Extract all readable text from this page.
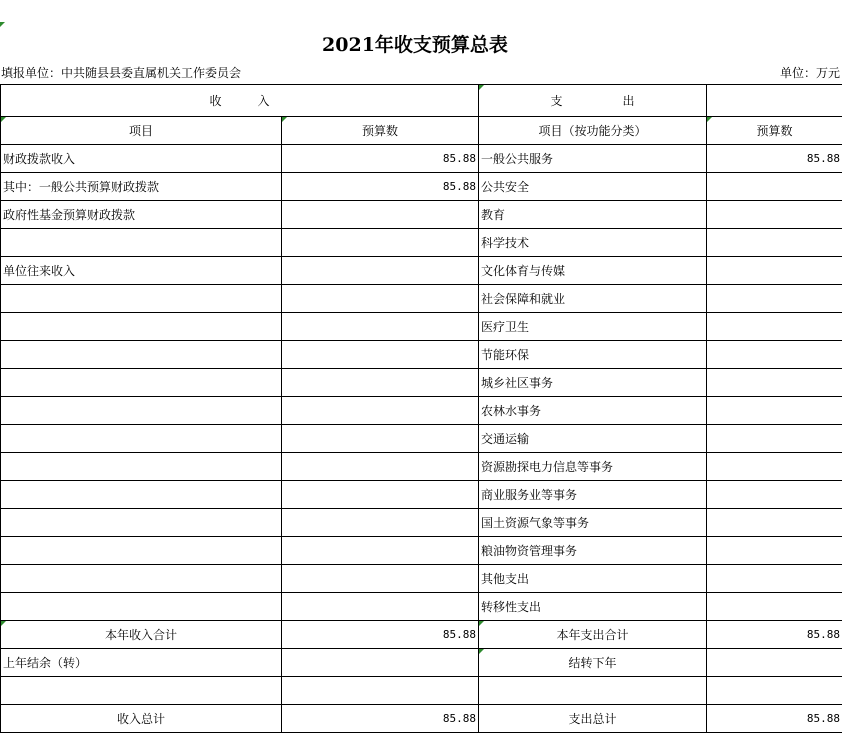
2021年收支预算总表
填报单位：中共随县县委直属机关工作委员会	单位：万元
收　　　入		支　　　　　出	

项目	预算数	项目（按功能分类）	预算数
财政拨款收入	85.88	一般公共服务	85.88
其中：一般公共预算财政拨款	85.88	公共安全	
政府性基金预算财政拨款		教育	
		科学技术	
单位往来收入		文化体育与传媒	
		社会保障和就业	
		医疗卫生	
		节能环保	
		城乡社区事务	
		农林水事务	
		交通运输	
		资源勘探电力信息等事务	
		商业服务业等事务	
		国土资源气象等事务	
		粮油物资管理事务	
		其他支出	
		转移性支出	

本年收入合计	85.88	本年支出合计	85.88
上年结余（转）		结转下年	

收入总计	85.88	支出总计	85.88
